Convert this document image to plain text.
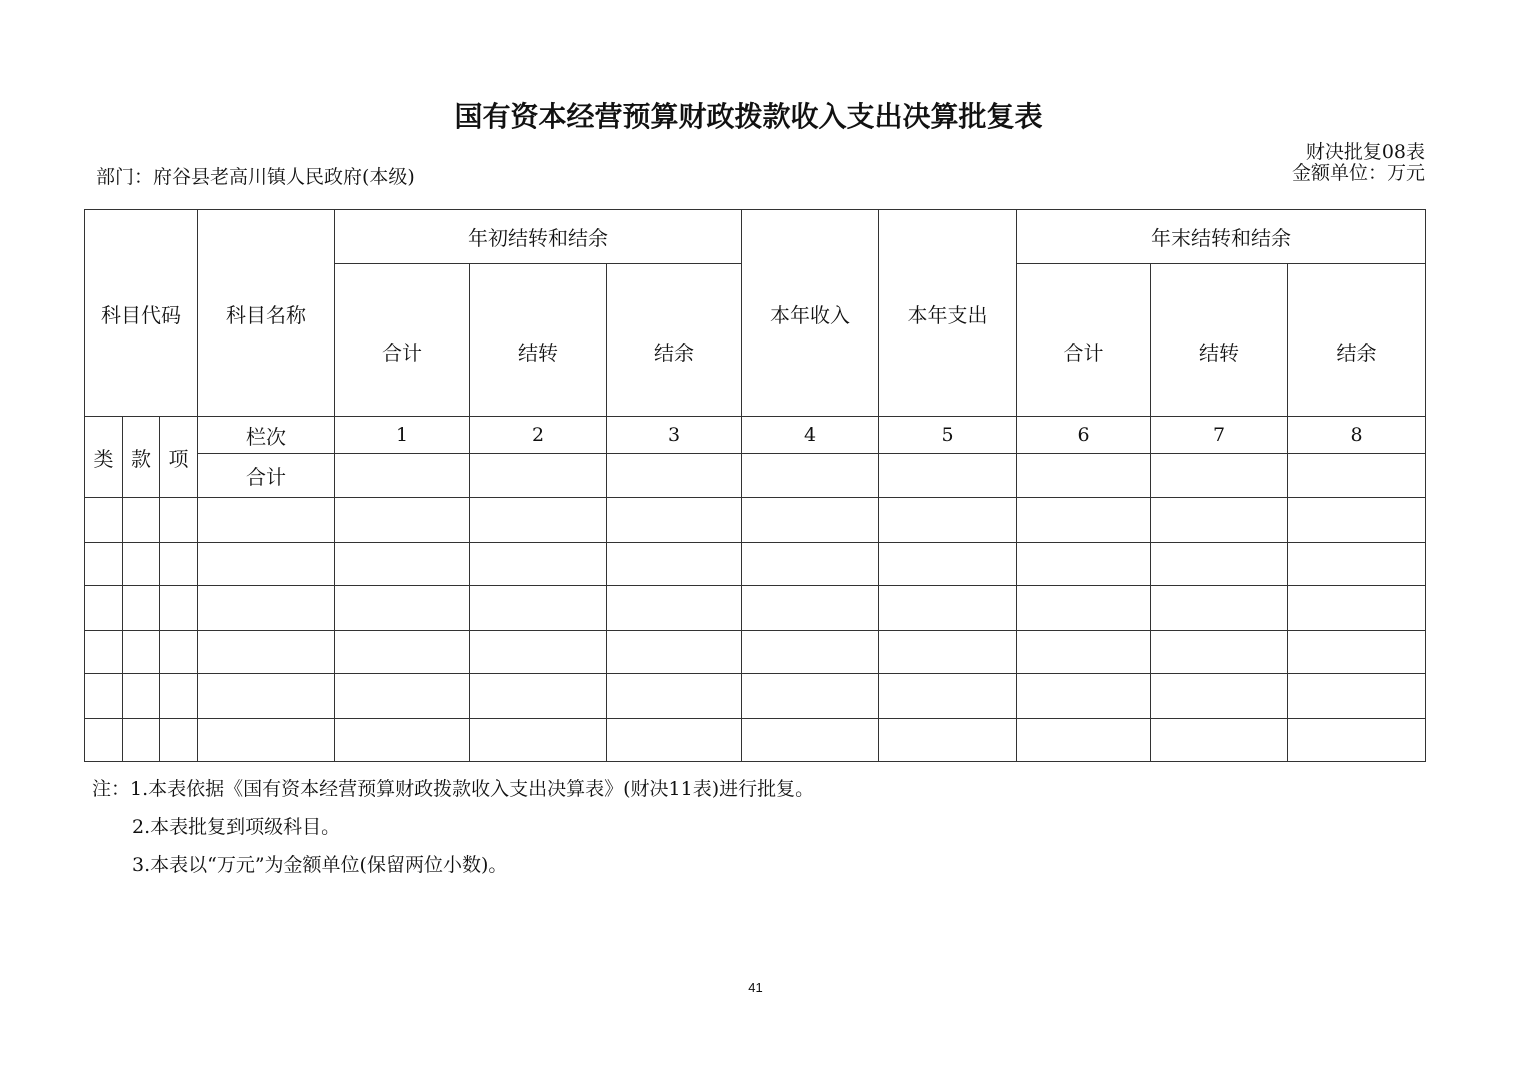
国有资本经营预算财政拨款收入支出决算批复表
财决批复08表
部门：府谷县老高川镇人民政府(本级)	金额单位：万元
科目代码			科目名称	年初结转和结余			本年收入	本年支出	年末结转和结余		
				合计	结转	结余			合计	结转	结余
类	款	项	栏次	1	2	3	4	5	6	7	8
			合计								

注：1.本表依据《国有资本经营预算财政拨款收入支出决算表》(财决11表)进行批复。
2.本表批复到项级科目。
3.本表以“万元”为金额单位(保留两位小数)。
41
